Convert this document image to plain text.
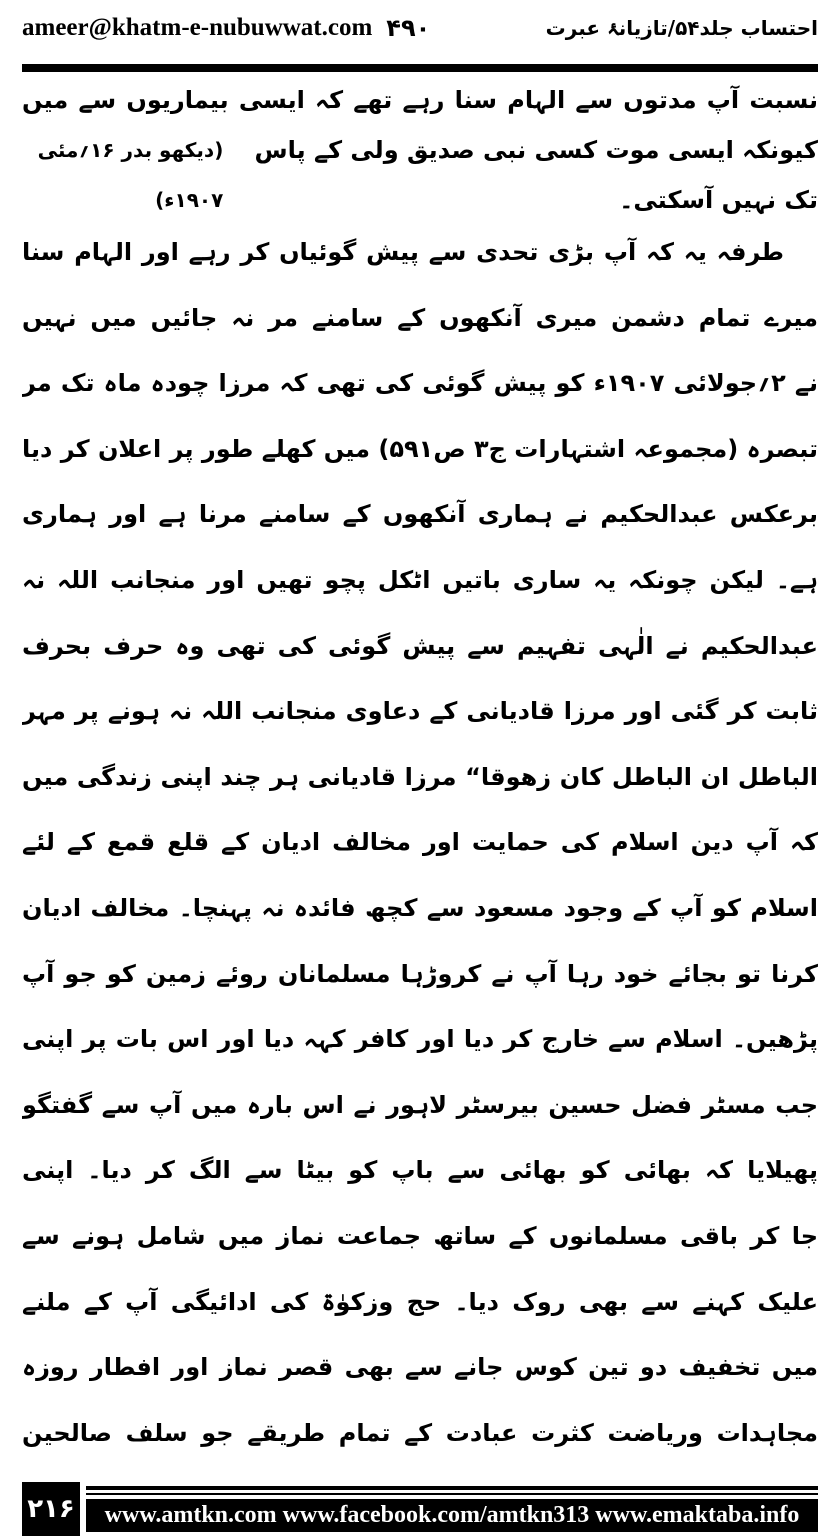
ameer@khatm-e-nubuwwat.com ۴۹۰	احتساب جلد۵۴/تازیانۂ عبرت
نسبت آپ مدتوں سے الہام سنا رہے تھے کہ ایسی بیماریوں سے میں
کیونکہ ایسی موت کسی نبی صدیق ولی کے پاس تک نہیں آسکتی۔
(دیکھو بدر ۱۶؍مئی ۱۹۰۷ء)
طرفہ یہ کہ آپ بڑی تحدی سے پیش گوئیاں کر رہے اور الہام سنا
میرے تمام دشمن میری آنکھوں کے سامنے مر نہ جائیں میں نہیں
نے ۲؍جولائی ۱۹۰۷ء کو پیش گوئی کی تھی کہ مرزا چودہ ماہ تک مر
تبصرہ (مجموعہ اشتہارات ج۳ ص۵۹۱) میں کھلے طور پر اعلان کر دیا
برعکس عبدالحکیم نے ہماری آنکھوں کے سامنے مرنا ہے اور ہماری
ہے۔ لیکن چونکہ یہ ساری باتیں اٹکل پچو تھیں اور منجانب اللہ نہ
عبدالحکیم نے الٰہی تفہیم سے پیش گوئی کی تھی وہ حرف بحرف
ثابت کر گئی اور مرزا قادیانی کے دعاوی منجانب اللہ نہ ہونے پر مہر
الباطل ان الباطل کان زھوقا“ مرزا قادیانی ہر چند اپنی زندگی میں
کہ آپ دین اسلام کی حمایت اور مخالف ادیان کے قلع قمع کے لئے
اسلام کو آپ کے وجود مسعود سے کچھ فائدہ نہ پہنچا۔ مخالف ادیان
کرنا تو بجائے خود رہا آپ نے کروڑہا مسلمانان روئے زمین کو جو آپ
پڑھیں۔ اسلام سے خارج کر دیا اور کافر کہہ دیا اور اس بات پر اپنی
جب مسٹر فضل حسین بیرسٹر لاہور نے اس بارہ میں آپ سے گفتگو
پھیلایا کہ بھائی کو بھائی سے باپ کو بیٹا سے الگ کر دیا۔ اپنی
جا کر باقی مسلمانوں کے ساتھ جماعت نماز میں شامل ہونے سے
علیک کہنے سے بھی روک دیا۔ حج وزکوٰۃ کی ادائیگی آپ کے ملنے
میں تخفیف دو تین کوس جانے سے بھی قصر نماز اور افطار روزہ
مجاہدات وریاضت کثرت عبادت کے تمام طریقے جو سلف صالحین
۲۱۶	www.amtkn.com www.facebook.com/amtkn313 www.emaktaba.info
